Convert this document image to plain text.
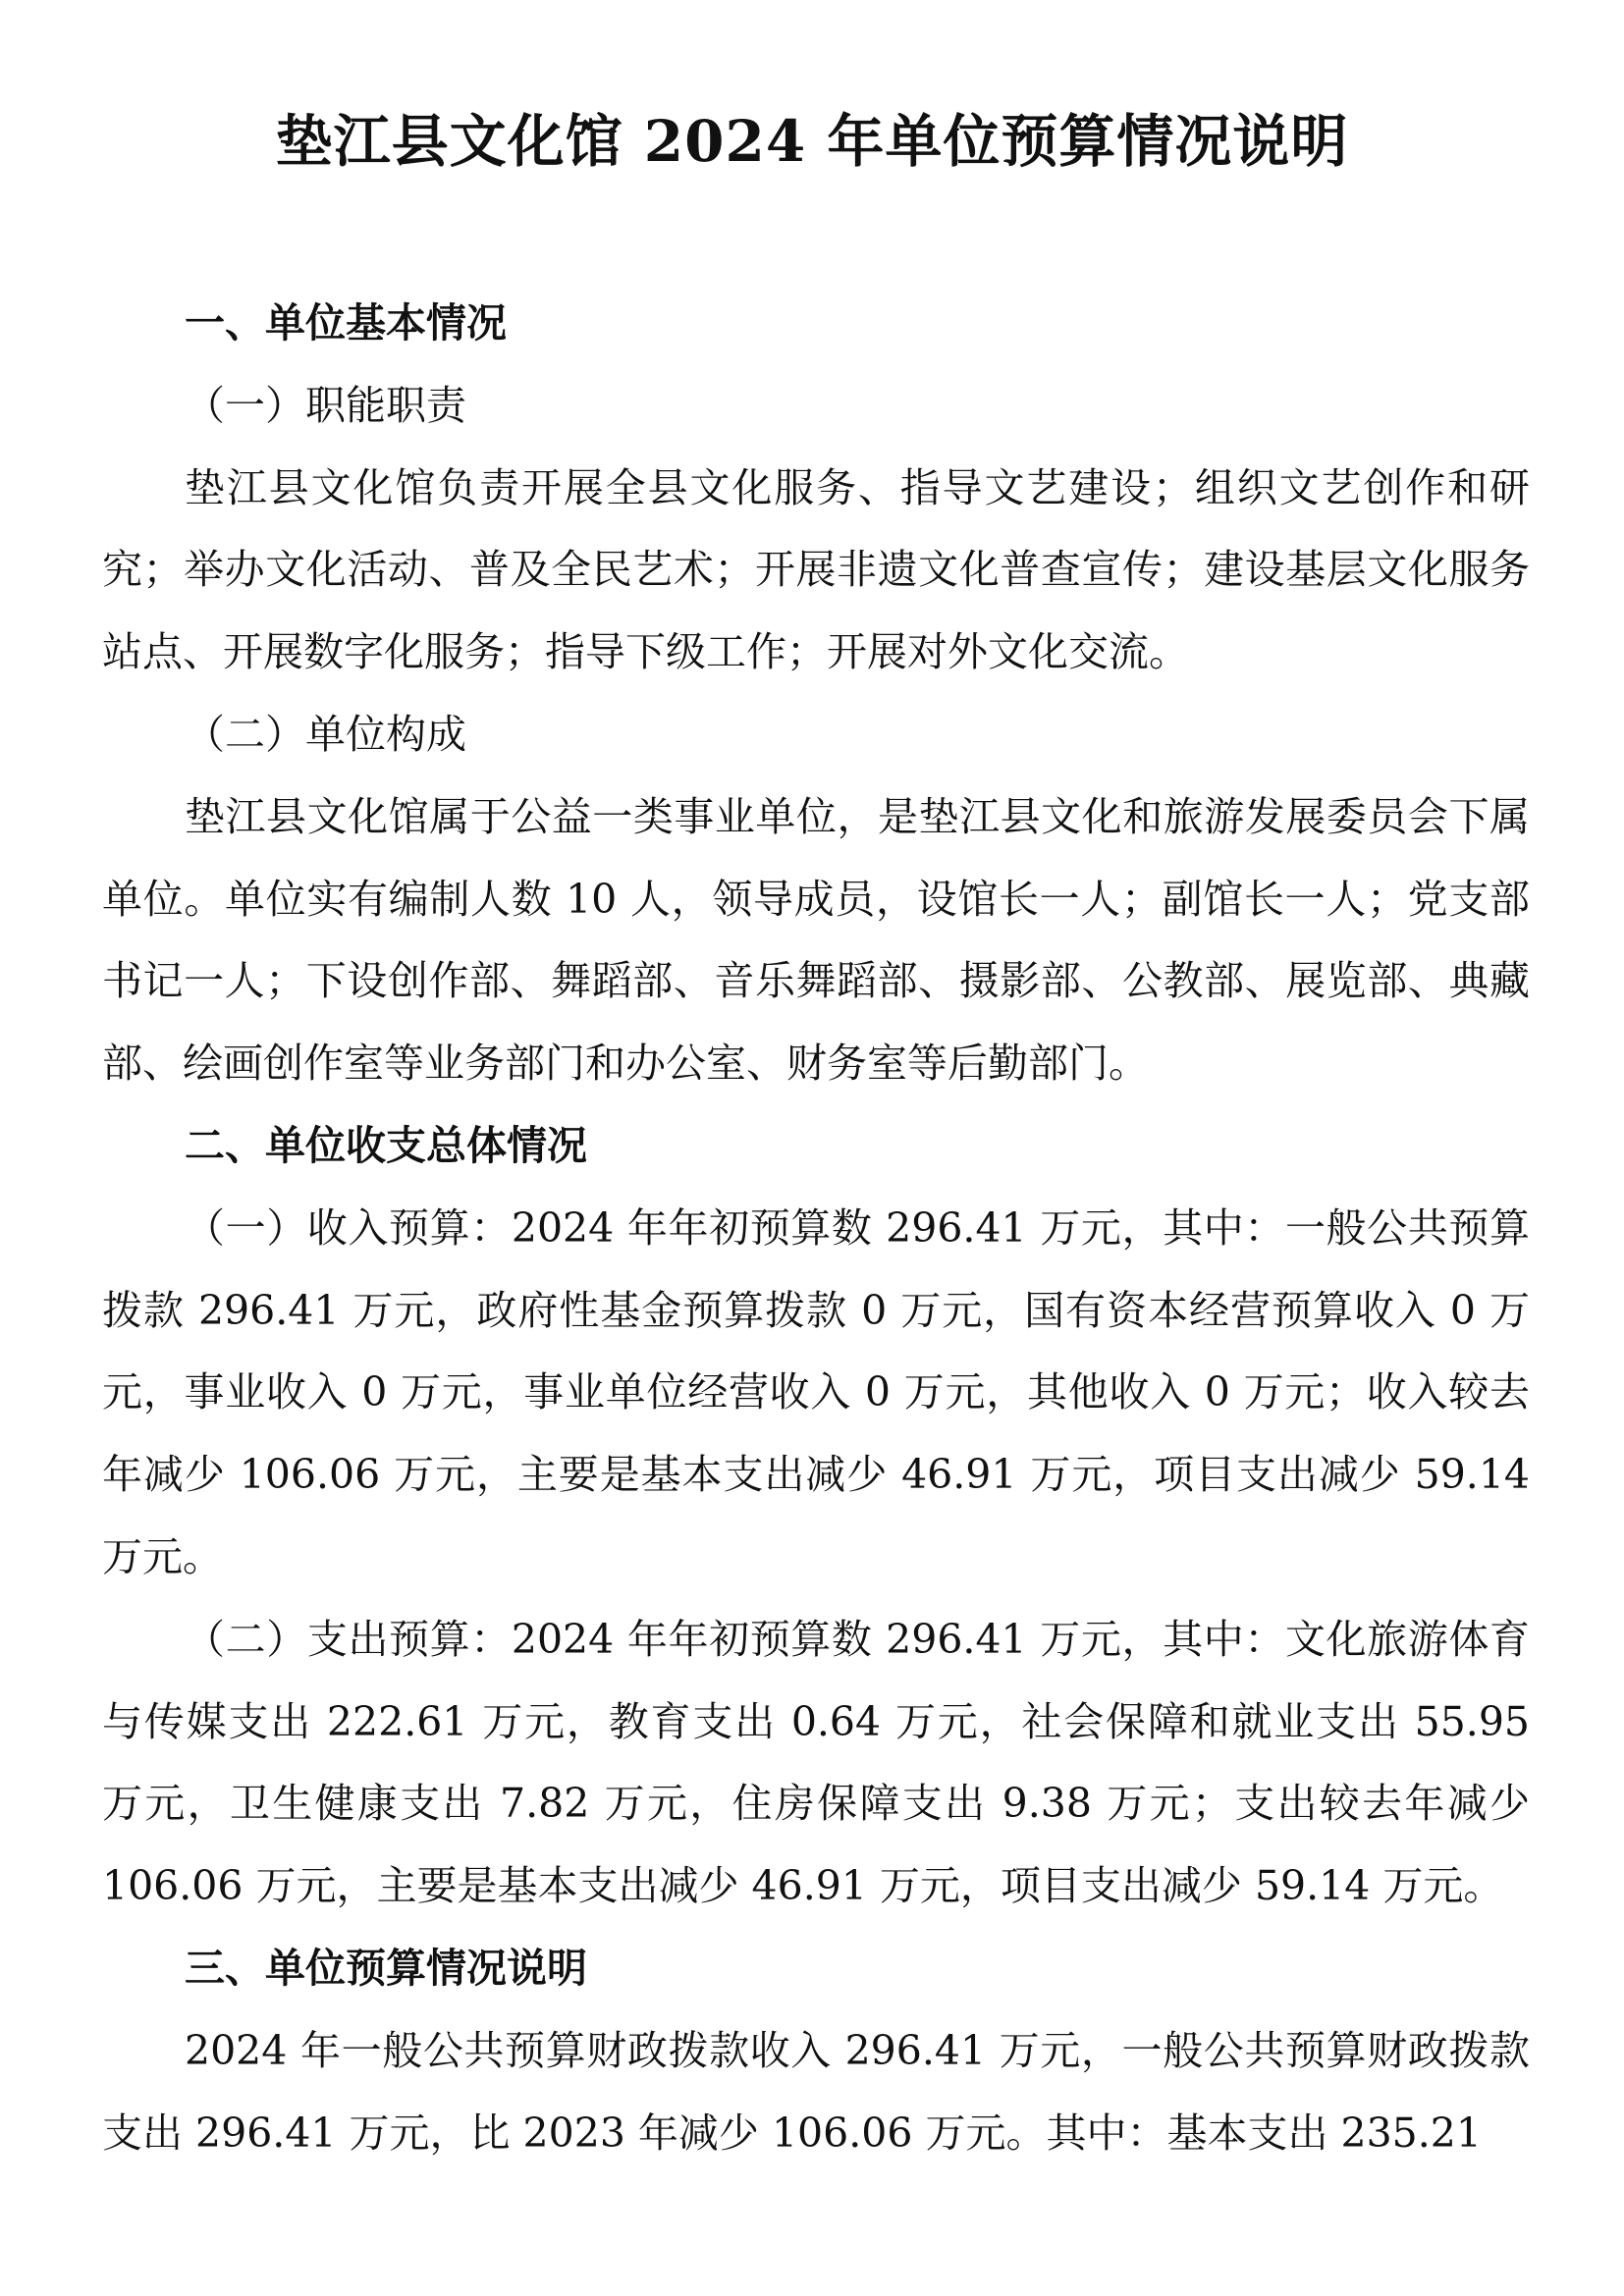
垫江县文化馆 2024 年单位预算情况说明

一、单位基本情况

（一）职能职责

垫江县文化馆负责开展全县文化服务、指导文艺建设；组织文艺创作和研究；举办文化活动、普及全民艺术；开展非遗文化普查宣传；建设基层文化服务站点、开展数字化服务；指导下级工作；开展对外文化交流。

（二）单位构成

垫江县文化馆属于公益一类事业单位，是垫江县文化和旅游发展委员会下属单位。单位实有编制人数 10 人，领导成员，设馆长一人；副馆长一人；党支部书记一人；下设创作部、舞蹈部、音乐舞蹈部、摄影部、公教部、展览部、典藏部、绘画创作室等业务部门和办公室、财务室等后勤部门。

二、单位收支总体情况

（一）收入预算：2024 年年初预算数 296.41 万元，其中：一般公共预算拨款 296.41 万元，政府性基金预算拨款 0 万元，国有资本经营预算收入 0 万元，事业收入 0 万元，事业单位经营收入 0 万元，其他收入 0 万元；收入较去年减少 106.06 万元，主要是基本支出减少 46.91 万元，项目支出减少 59.14 万元。

（二）支出预算：2024 年年初预算数 296.41 万元，其中：文化旅游体育与传媒支出 222.61 万元，教育支出 0.64 万元，社会保障和就业支出 55.95 万元，卫生健康支出 7.82 万元，住房保障支出 9.38 万元；支出较去年减少 106.06 万元，主要是基本支出减少 46.91 万元，项目支出减少 59.14 万元。

三、单位预算情况说明

2024 年一般公共预算财政拨款收入 296.41 万元，一般公共预算财政拨款支出 296.41 万元，比 2023 年减少 106.06 万元。其中：基本支出 235.21
